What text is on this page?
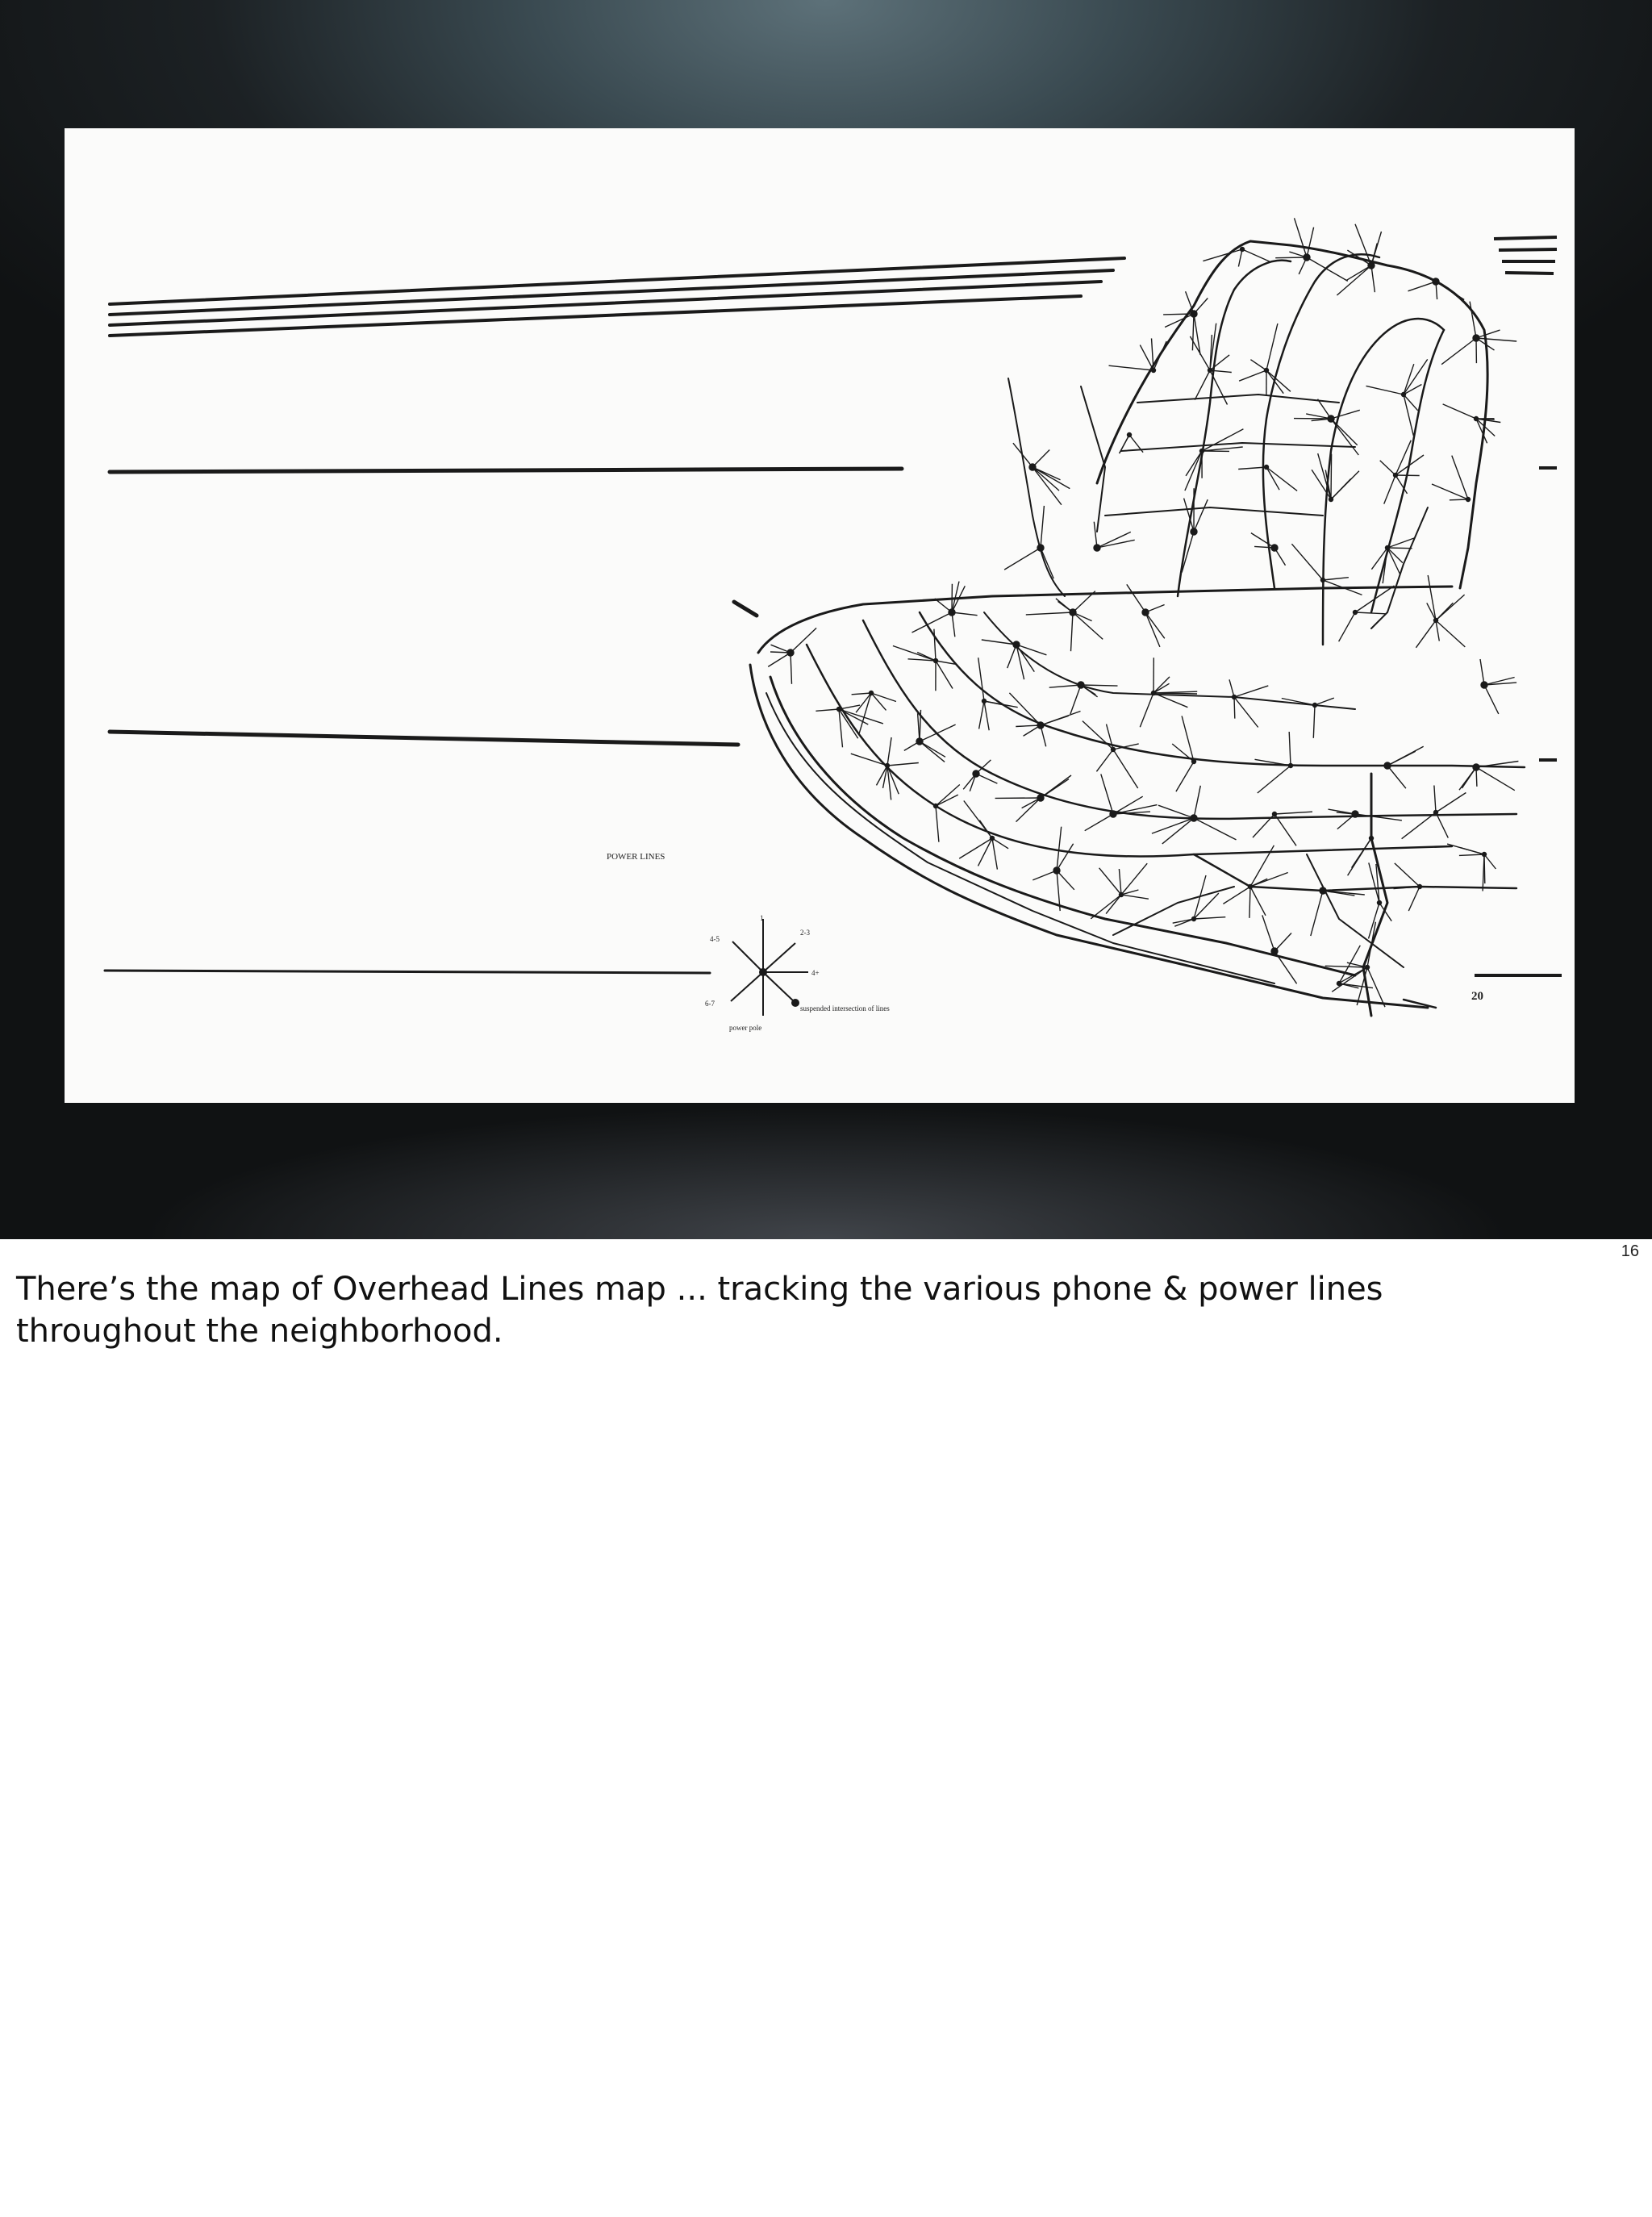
1
2-3
4-5
4+
6-7
power pole
suspended intersection of lines
POWER LINES
20
16

There’s the map of Overhead Lines map ... tracking the various phone & power lines throughout the neighborhood.
